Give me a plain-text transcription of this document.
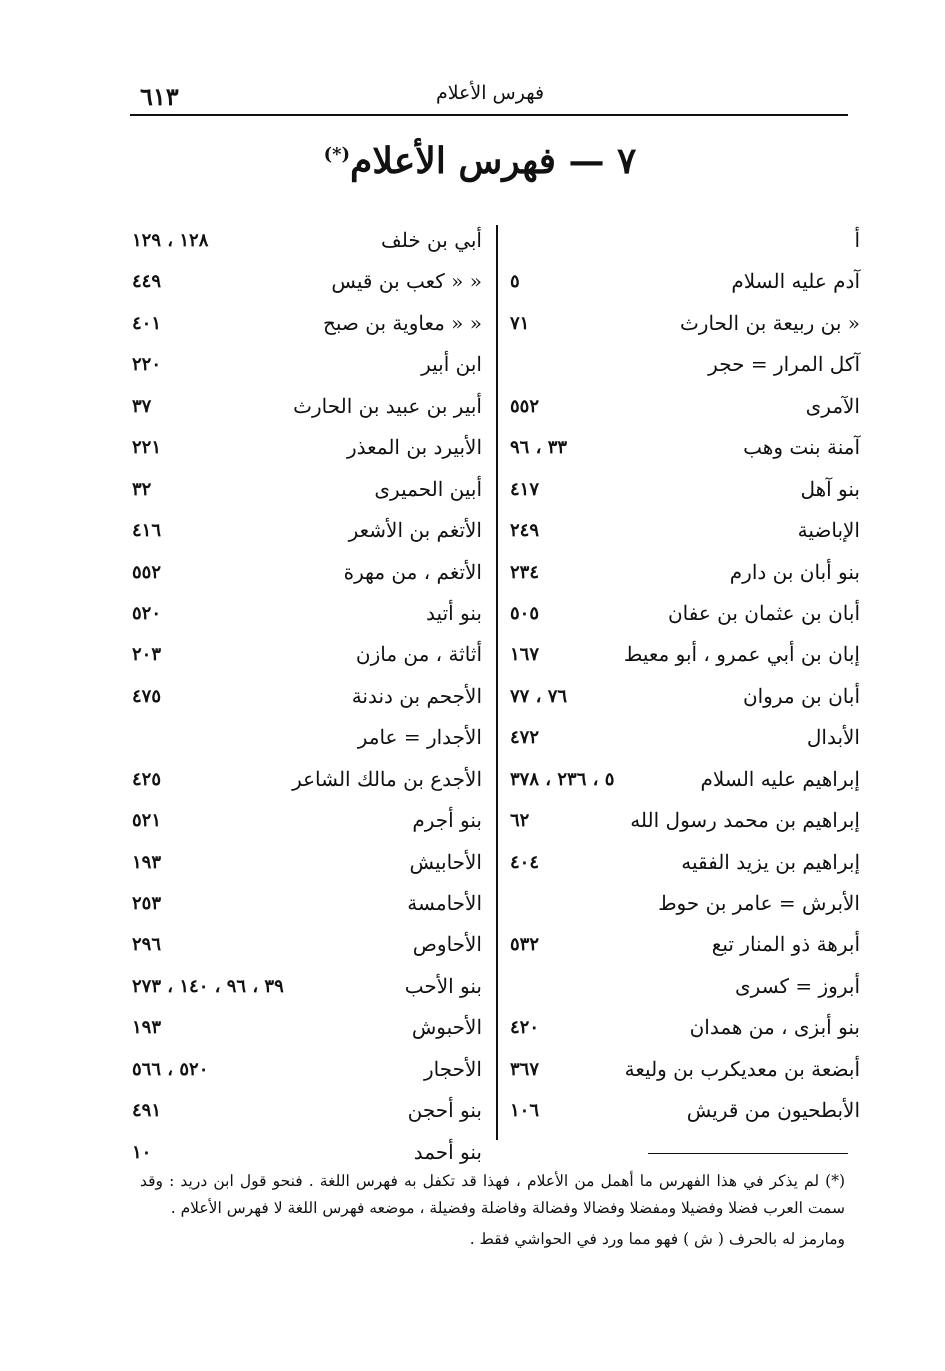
فهرس الأعلام
٦١٣
٧ — فهرس الأعلام(*)
أ
آدم عليه السلام
٥
« بن ربيعة بن الحارث
٧١
آكل المرار = حجر
الآمرى
٥٥٢
آمنة بنت وهب
٣٣ ، ٩٦
بنو آهل
٤١٧
الإباضية
٢٤٩
بنو أبان بن دارم
٢٣٤
أبان بن عثمان بن عفان
٥٠٥
إبان بن أبي عمرو ، أبو معيط
١٦٧
أبان بن مروان
٧٦ ، ٧٧
الأبدال
٤٧٢
إبراهيم عليه السلام
٥ ، ٢٣٦ ، ٣٧٨
إبراهيم بن محمد رسول الله
٦٢
إبراهيم بن يزيد الفقيه
٤٠٤
الأبرش = عامر بن حوط
أبرهة ذو المنار تبع
٥٣٢
أبروز = كسرى
بنو أبزى ، من همدان
٤٢٠
أبضعة بن معديكرب بن وليعة
٣٦٧
الأبطحيون من قريش
١٠٦
أبي بن خلف
١٢٨ ، ١٢٩
« « كعب بن قيس
٤٤٩
« « معاوية بن صبح
٤٠١
ابن أبير
٢٢٠
أبير بن عبيد بن الحارث
٣٧
الأبيرد بن المعذر
٢٢١
أبين الحميرى
٣٢
الأتغم بن الأشعر
٤١٦
الأتغم ، من مهرة
٥٥٢
بنو أتيد
٥٢٠
أثاثة ، من مازن
٢٠٣
الأجحم بن دندنة
٤٧٥
الأجدار = عامر
الأجدع بن مالك الشاعر
٤٢٥
بنو أجرم
٥٢١
الأحابيش
١٩٣
الأحامسة
٢٥٣
الأحاوص
٢٩٦
بنو الأحب
٣٩ ، ٩٦ ، ١٤٠ ، ٢٧٣
الأحبوش
١٩٣
الأحجار
٥٢٠ ، ٥٦٦
بنو أحجن
٤٩١
بنو أحمد
١٠

(*) لم يذكر في هذا الفهرس ما أهمل من الأعلام ، فهذا قد تكفل به فهرس اللغة . فنحو قول ابن دريد : وقد سمت العرب فضلا وفضيلا ومفضلا وفضالا وفضالة وفاضلة وفضيلة ، موضعه فهرس اللغة لا فهرس الأعلام .

ومارمز له بالحرف ( ش ) فهو مما ورد في الحواشي فقط .
